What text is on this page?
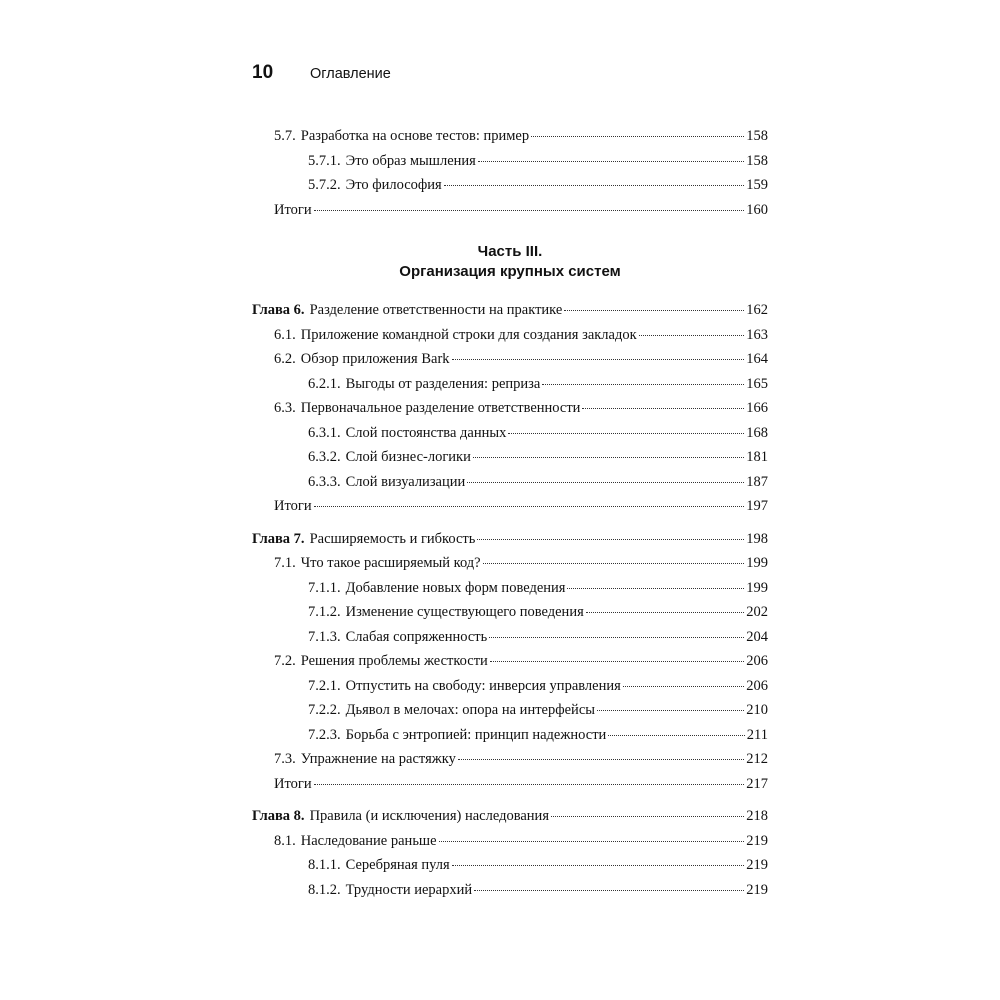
10	Оглавление
5.7. Разработка на основе тестов: пример	158
5.7.1. Это образ мышления	158
5.7.2. Это философия	159
Итоги	160
Часть III.
Организация крупных систем
Глава 6. Разделение ответственности на практике	162
6.1. Приложение командной строки для создания закладок	163
6.2. Обзор приложения Bark	164
6.2.1. Выгоды от разделения: реприза	165
6.3. Первоначальное разделение ответственности	166
6.3.1. Слой постоянства данных	168
6.3.2. Слой бизнес-логики	181
6.3.3. Слой визуализации	187
Итоги	197
Глава 7. Расширяемость и гибкость	198
7.1. Что такое расширяемый код?	199
7.1.1. Добавление новых форм поведения	199
7.1.2. Изменение существующего поведения	202
7.1.3. Слабая сопряженность	204
7.2. Решения проблемы жесткости	206
7.2.1. Отпустить на свободу: инверсия управления	206
7.2.2. Дьявол в мелочах: опора на интерфейсы	210
7.2.3. Борьба с энтропией: принцип надежности	211
7.3. Упражнение на растяжку	212
Итоги	217
Глава 8. Правила (и исключения) наследования	218
8.1. Наследование раньше	219
8.1.1. Серебряная пуля	219
8.1.2. Трудности иерархий	219
